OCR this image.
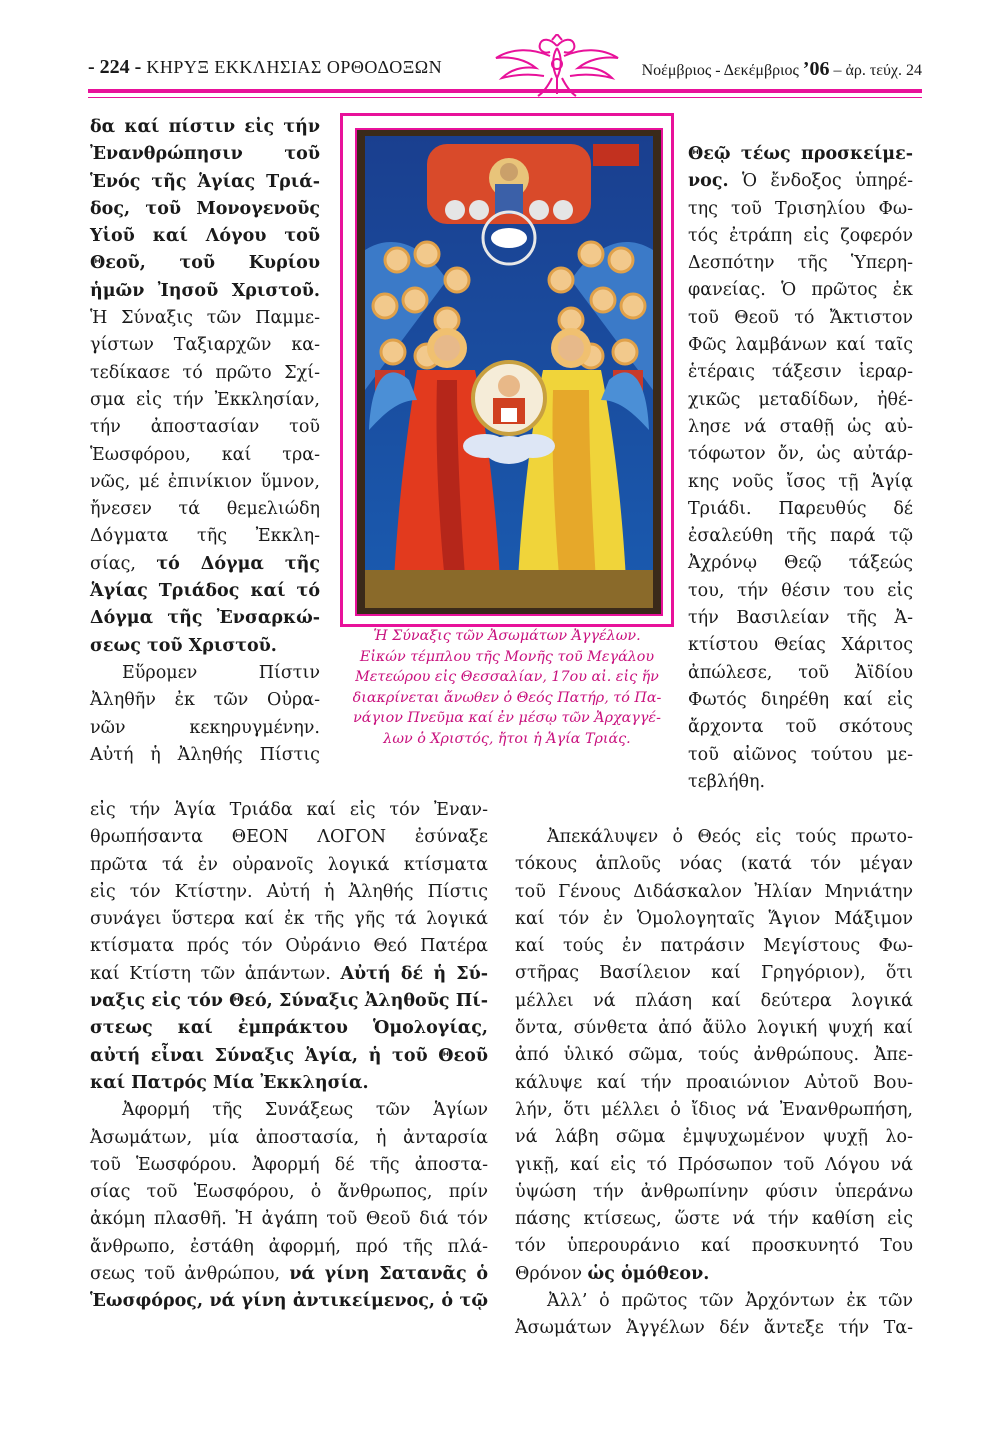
- 224 - ΚΗΡΥΞ ΕΚΚΛΗΣΙΑΣ ΟΡΘΟΔΟΞΩΝ	Νοέμβριος - Δεκέμβριος ’06 – ἀρ. τεύχ. 24
δα καί πίστιν εἰς τήν
Ἐνανθρώπησιν τοῦ
Ἑνός τῆς Ἁγίας Τριά-
δος, τοῦ Μονογενοῦς
Υἱοῦ καί Λόγου τοῦ
Θεοῦ, τοῦ Κυρίου
ἡμῶν Ἰησοῦ Χριστοῦ.
Ἡ Σύναξις τῶν Παμμε-
γίστων Ταξιαρχῶν κα-
τεδίκασε τό πρῶτο Σχί-
σμα εἰς τήν Ἐκκλησίαν,
τήν ἀποστασίαν τοῦ
Ἑωσφόρου, καί τρα-
νῶς, μέ ἐπινίκιον ὕμνον,
ἤνεσεν τά θεμελιώδη
Δόγματα τῆς Ἐκκλη-
σίας, τό Δόγμα τῆς
Ἁγίας Τριάδος καί τό
Δόγμα τῆς Ἐνσαρκώ-
σεως τοῦ Χριστοῦ.
Εὕρομεν Πίστιν
Ἀληθῆν ἐκ τῶν Οὐρα-
νῶν κεκηρυγμένην.
Αὐτή ἡ Ἀληθής Πίστις
εἰς τήν Ἁγία Τριάδα καί εἰς τόν Ἐναν-
θρωπήσαντα ΘΕΟΝ ΛΟΓΟΝ ἐσύναξε
πρῶτα τά ἐν οὐρανοῖς λογικά κτίσματα
εἰς τόν Κτίστην. Αὐτή ἡ Ἀληθής Πίστις
συνάγει ὕστερα καί ἐκ τῆς γῆς τά λογικά
κτίσματα πρός τόν Οὐράνιο Θεό Πατέρα
καί Κτίστη τῶν ἁπάντων. Αὐτή δέ ἡ Σύ-
ναξις εἰς τόν Θεό, Σύναξις Ἀληθοῦς Πί-
στεως καί ἐμπράκτου Ὁμολογίας,
αὐτή εἶναι Σύναξις Ἁγία, ἡ τοῦ Θεοῦ
καί Πατρός Μία Ἐκκλησία.
Ἀφορμή τῆς Συνάξεως τῶν Ἁγίων
Ἀσωμάτων, μία ἀποστασία, ἡ ἀνταρσία
τοῦ Ἑωσφόρου. Ἀφορμή δέ τῆς ἀποστα-
σίας τοῦ Ἑωσφόρου, ὁ ἄνθρωπος, πρίν
ἀκόμη πλασθῆ. Ἡ ἀγάπη τοῦ Θεοῦ διά τόν
ἄνθρωπο, ἐστάθη ἀφορμή, πρό τῆς πλά-
σεως τοῦ ἀνθρώπου, νά γίνη Σατανᾶς ὁ
Ἑωσφόρος, νά γίνη ἀντικείμενος, ὁ τῷ
Θεῷ τέως προσκείμε-
νος. Ὁ ἔνδοξος ὑπηρέ-
της τοῦ Τρισηλίου Φω-
τός ἐτράπη εἰς ζοφερόν
Δεσπότην τῆς Ὑπερη-
φανείας. Ὁ πρῶτος ἐκ
τοῦ Θεοῦ τό Ἄκτιστον
Φῶς λαμβάνων καί ταῖς
ἑτέραις τάξεσιν ἱεραρ-
χικῶς μεταδίδων, ἠθέ-
λησε νά σταθῇ ὡς αὐ-
τόφωτον ὄν, ὡς αὐτάρ-
κης νοῦς ἴσος τῇ Ἁγίᾳ
Τριάδι. Παρευθύς δέ
ἐσαλεύθη τῆς παρά τῷ
Ἀχρόνῳ Θεῷ τάξεώς
του, τήν θέσιν του εἰς
τήν Βασιλείαν τῆς Ἀ-
κτίστου Θείας Χάριτος
ἀπώλεσε, τοῦ Ἀϊδίου
Φωτός διηρέθη καί εἰς
ἄρχοντα τοῦ σκότους
τοῦ αἰῶνος τούτου με-
τεβλήθη.
Ἀπεκάλυψεν ὁ Θεός εἰς τούς πρωτο-
τόκους ἁπλοῦς νόας (κατά τόν μέγαν
τοῦ Γένους Διδάσκαλον Ἠλίαν Μηνιάτην
καί τόν ἐν Ὁμολογηταῖς Ἅγιον Μάξιμον
καί τούς ἐν πατράσιν Μεγίστους Φω-
στῆρας Βασίλειον καί Γρηγόριον), ὅτι
μέλλει νά πλάση καί δεύτερα λογικά
ὄντα, σύνθετα ἀπό ἄϋλο λογική ψυχή καί
ἀπό ὑλικό σῶμα, τούς ἀνθρώπους. Ἀπε-
κάλυψε καί τήν προαιώνιον Αὐτοῦ Βου-
λήν, ὅτι μέλλει ὁ ἴδιος νά Ἐνανθρωπήση,
νά λάβη σῶμα ἐμψυχωμένον ψυχῇ λο-
γικῇ, καί εἰς τό Πρόσωπον τοῦ Λόγου νά
ὑψώση τήν ἀνθρωπίνην φύσιν ὑπεράνω
πάσης κτίσεως, ὥστε νά τήν καθίση εἰς
τόν ὑπερουράνιο καί προσκυνητό Του
Θρόνον ὡς ὁμόθεον.
Ἀλλ’ ὁ πρῶτος τῶν Ἀρχόντων ἐκ τῶν
Ἀσωμάτων Ἀγγέλων δέν ἄντεξε τήν Τα-
Ἡ Σύναξις τῶν Ἀσωμάτων Ἀγγέλων.
Εἰκών τέμπλου τῆς Μονῆς τοῦ Μεγάλου
Μετεώρου εἰς Θεσσαλίαν, 17ου αἰ. εἰς ἥν
διακρίνεται ἄνωθεν ὁ Θεός Πατήρ, τό Πα-
νάγιον Πνεῦμα καί ἐν μέσῳ τῶν Ἀρχαγγέ-
λων ὁ Χριστός, ἤτοι ἡ Ἁγία Τριάς.
